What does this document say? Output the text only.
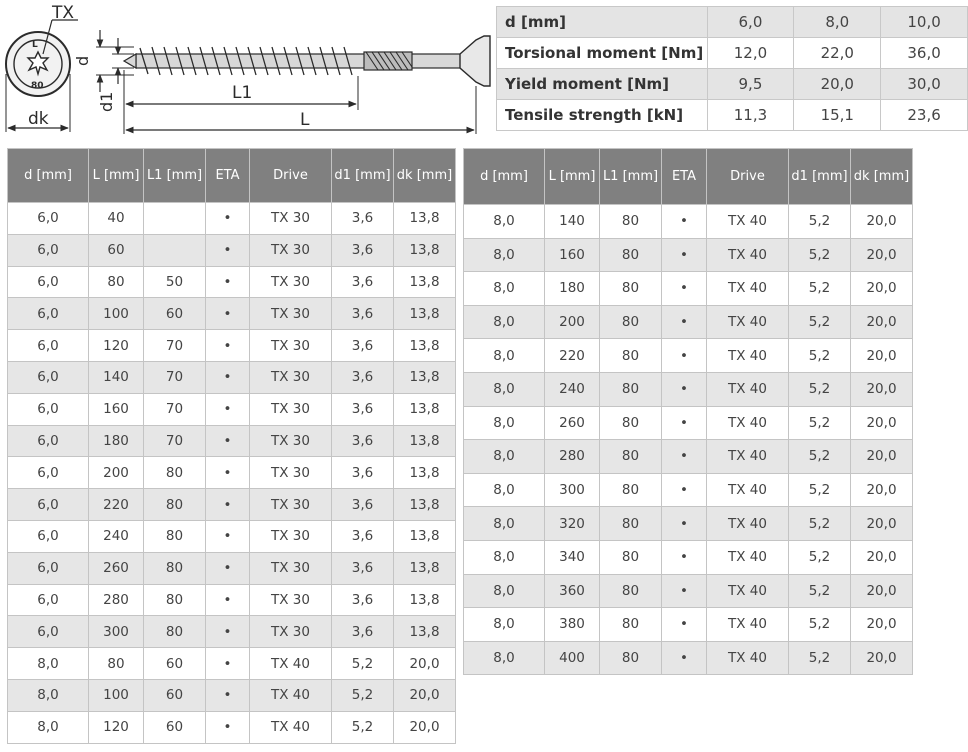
L
80
TX
dk
d
d1	L1
L
d [mm]	6,0	8,0	10,0
Torsional moment [Nm]	12,0	22,0	36,0
Yield moment [Nm]	9,5	20,0	30,0
Tensile strength [kN]	11,3	15,1	23,6
d [mm]	L [mm]	L1 [mm]	ETA	Drive	d1 [mm]	dk [mm]
6,0	40		•	TX 30	3,6	13,8
6,0	60		•	TX 30	3,6	13,8
6,0	80	50	•	TX 30	3,6	13,8
6,0	100	60	•	TX 30	3,6	13,8
6,0	120	70	•	TX 30	3,6	13,8
6,0	140	70	•	TX 30	3,6	13,8
6,0	160	70	•	TX 30	3,6	13,8
6,0	180	70	•	TX 30	3,6	13,8
6,0	200	80	•	TX 30	3,6	13,8
6,0	220	80	•	TX 30	3,6	13,8
6,0	240	80	•	TX 30	3,6	13,8
6,0	260	80	•	TX 30	3,6	13,8
6,0	280	80	•	TX 30	3,6	13,8
6,0	300	80	•	TX 30	3,6	13,8
8,0	80	60	•	TX 40	5,2	20,0
8,0	100	60	•	TX 40	5,2	20,0
8,0	120	60	•	TX 40	5,2	20,0
d [mm]	L [mm]	L1 [mm]	ETA	Drive	d1 [mm]	dk [mm]
8,0	140	80	•	TX 40	5,2	20,0
8,0	160	80	•	TX 40	5,2	20,0
8,0	180	80	•	TX 40	5,2	20,0
8,0	200	80	•	TX 40	5,2	20,0
8,0	220	80	•	TX 40	5,2	20,0
8,0	240	80	•	TX 40	5,2	20,0
8,0	260	80	•	TX 40	5,2	20,0
8,0	280	80	•	TX 40	5,2	20,0
8,0	300	80	•	TX 40	5,2	20,0
8,0	320	80	•	TX 40	5,2	20,0
8,0	340	80	•	TX 40	5,2	20,0
8,0	360	80	•	TX 40	5,2	20,0
8,0	380	80	•	TX 40	5,2	20,0
8,0	400	80	•	TX 40	5,2	20,0
